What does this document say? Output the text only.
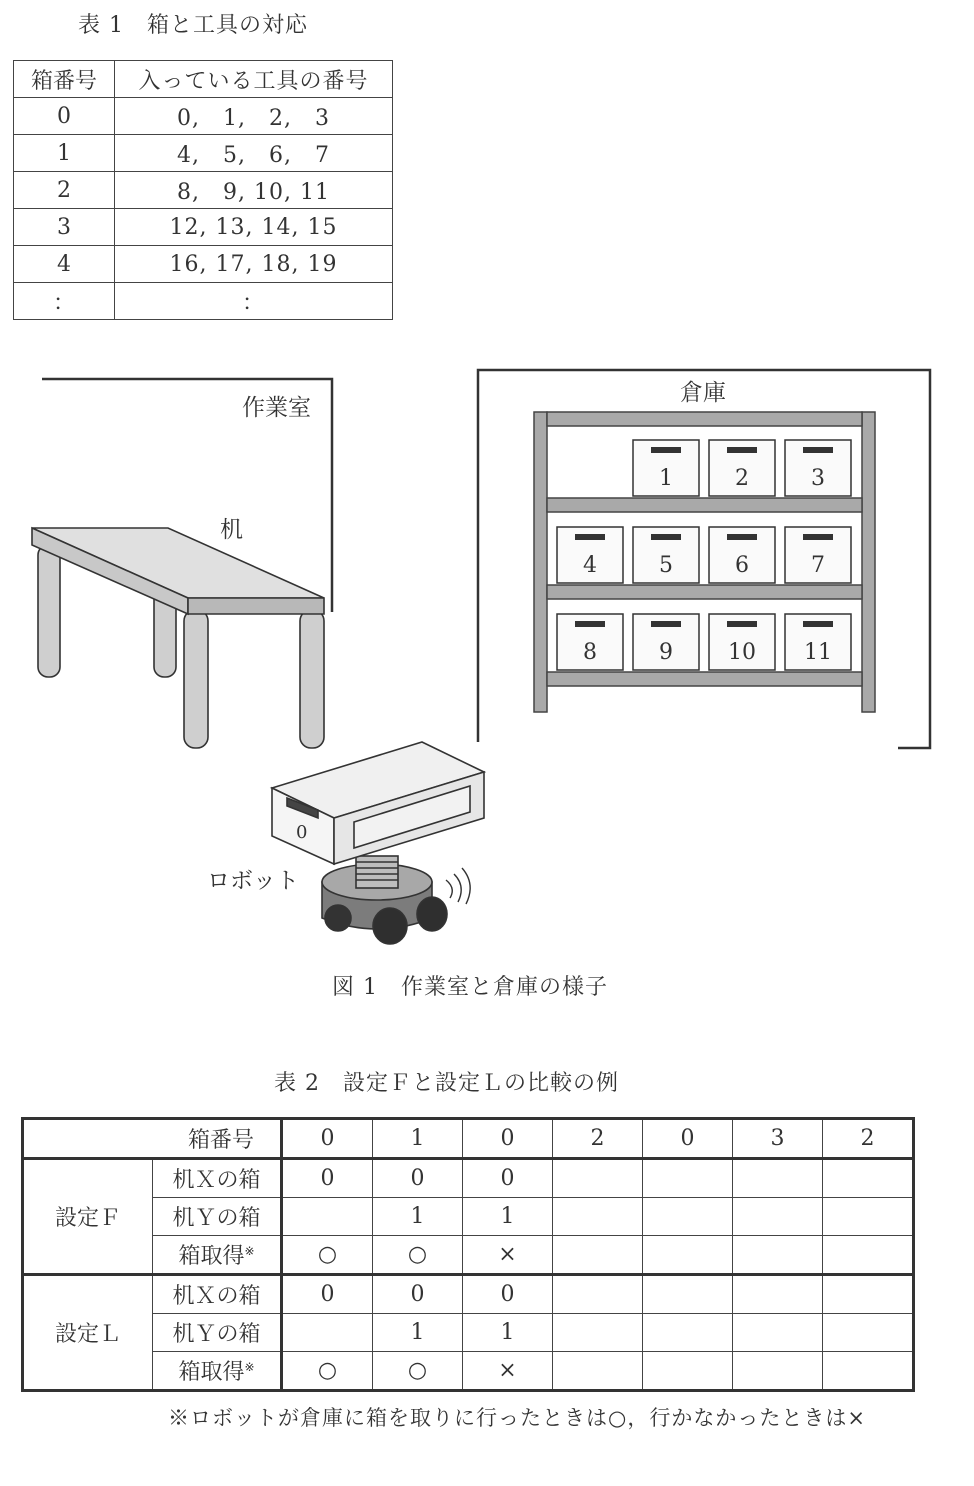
表 1　箱と工具の対応
箱番号	入っている工具の番号
0	0,　1,　2,　3
1	4,　5,　6,　7
2	8,　9, 10, 11
3	12, 13, 14, 15
4	16, 17, 18, 19
：	：
作業室
机
倉庫
1	2	3
4	5	6	7
8	9	10 11
0
ロボット
図 1　作業室と倉庫の様子
表 2　設定Ｆと設定Ｌの比較の例
箱番号		0	1	0	2	0	3	2
設定Ｆ	机Ｘの箱	0	0	0				
	机Ｙの箱		1	1				
	箱取得※	○	○	×				
設定Ｌ	机Ｘの箱	0	0	0				
	机Ｙの箱		1	1				
	箱取得※	○	○	×				
※ロボットが倉庫に箱を取りに行ったときは○，行かなかったときは×
